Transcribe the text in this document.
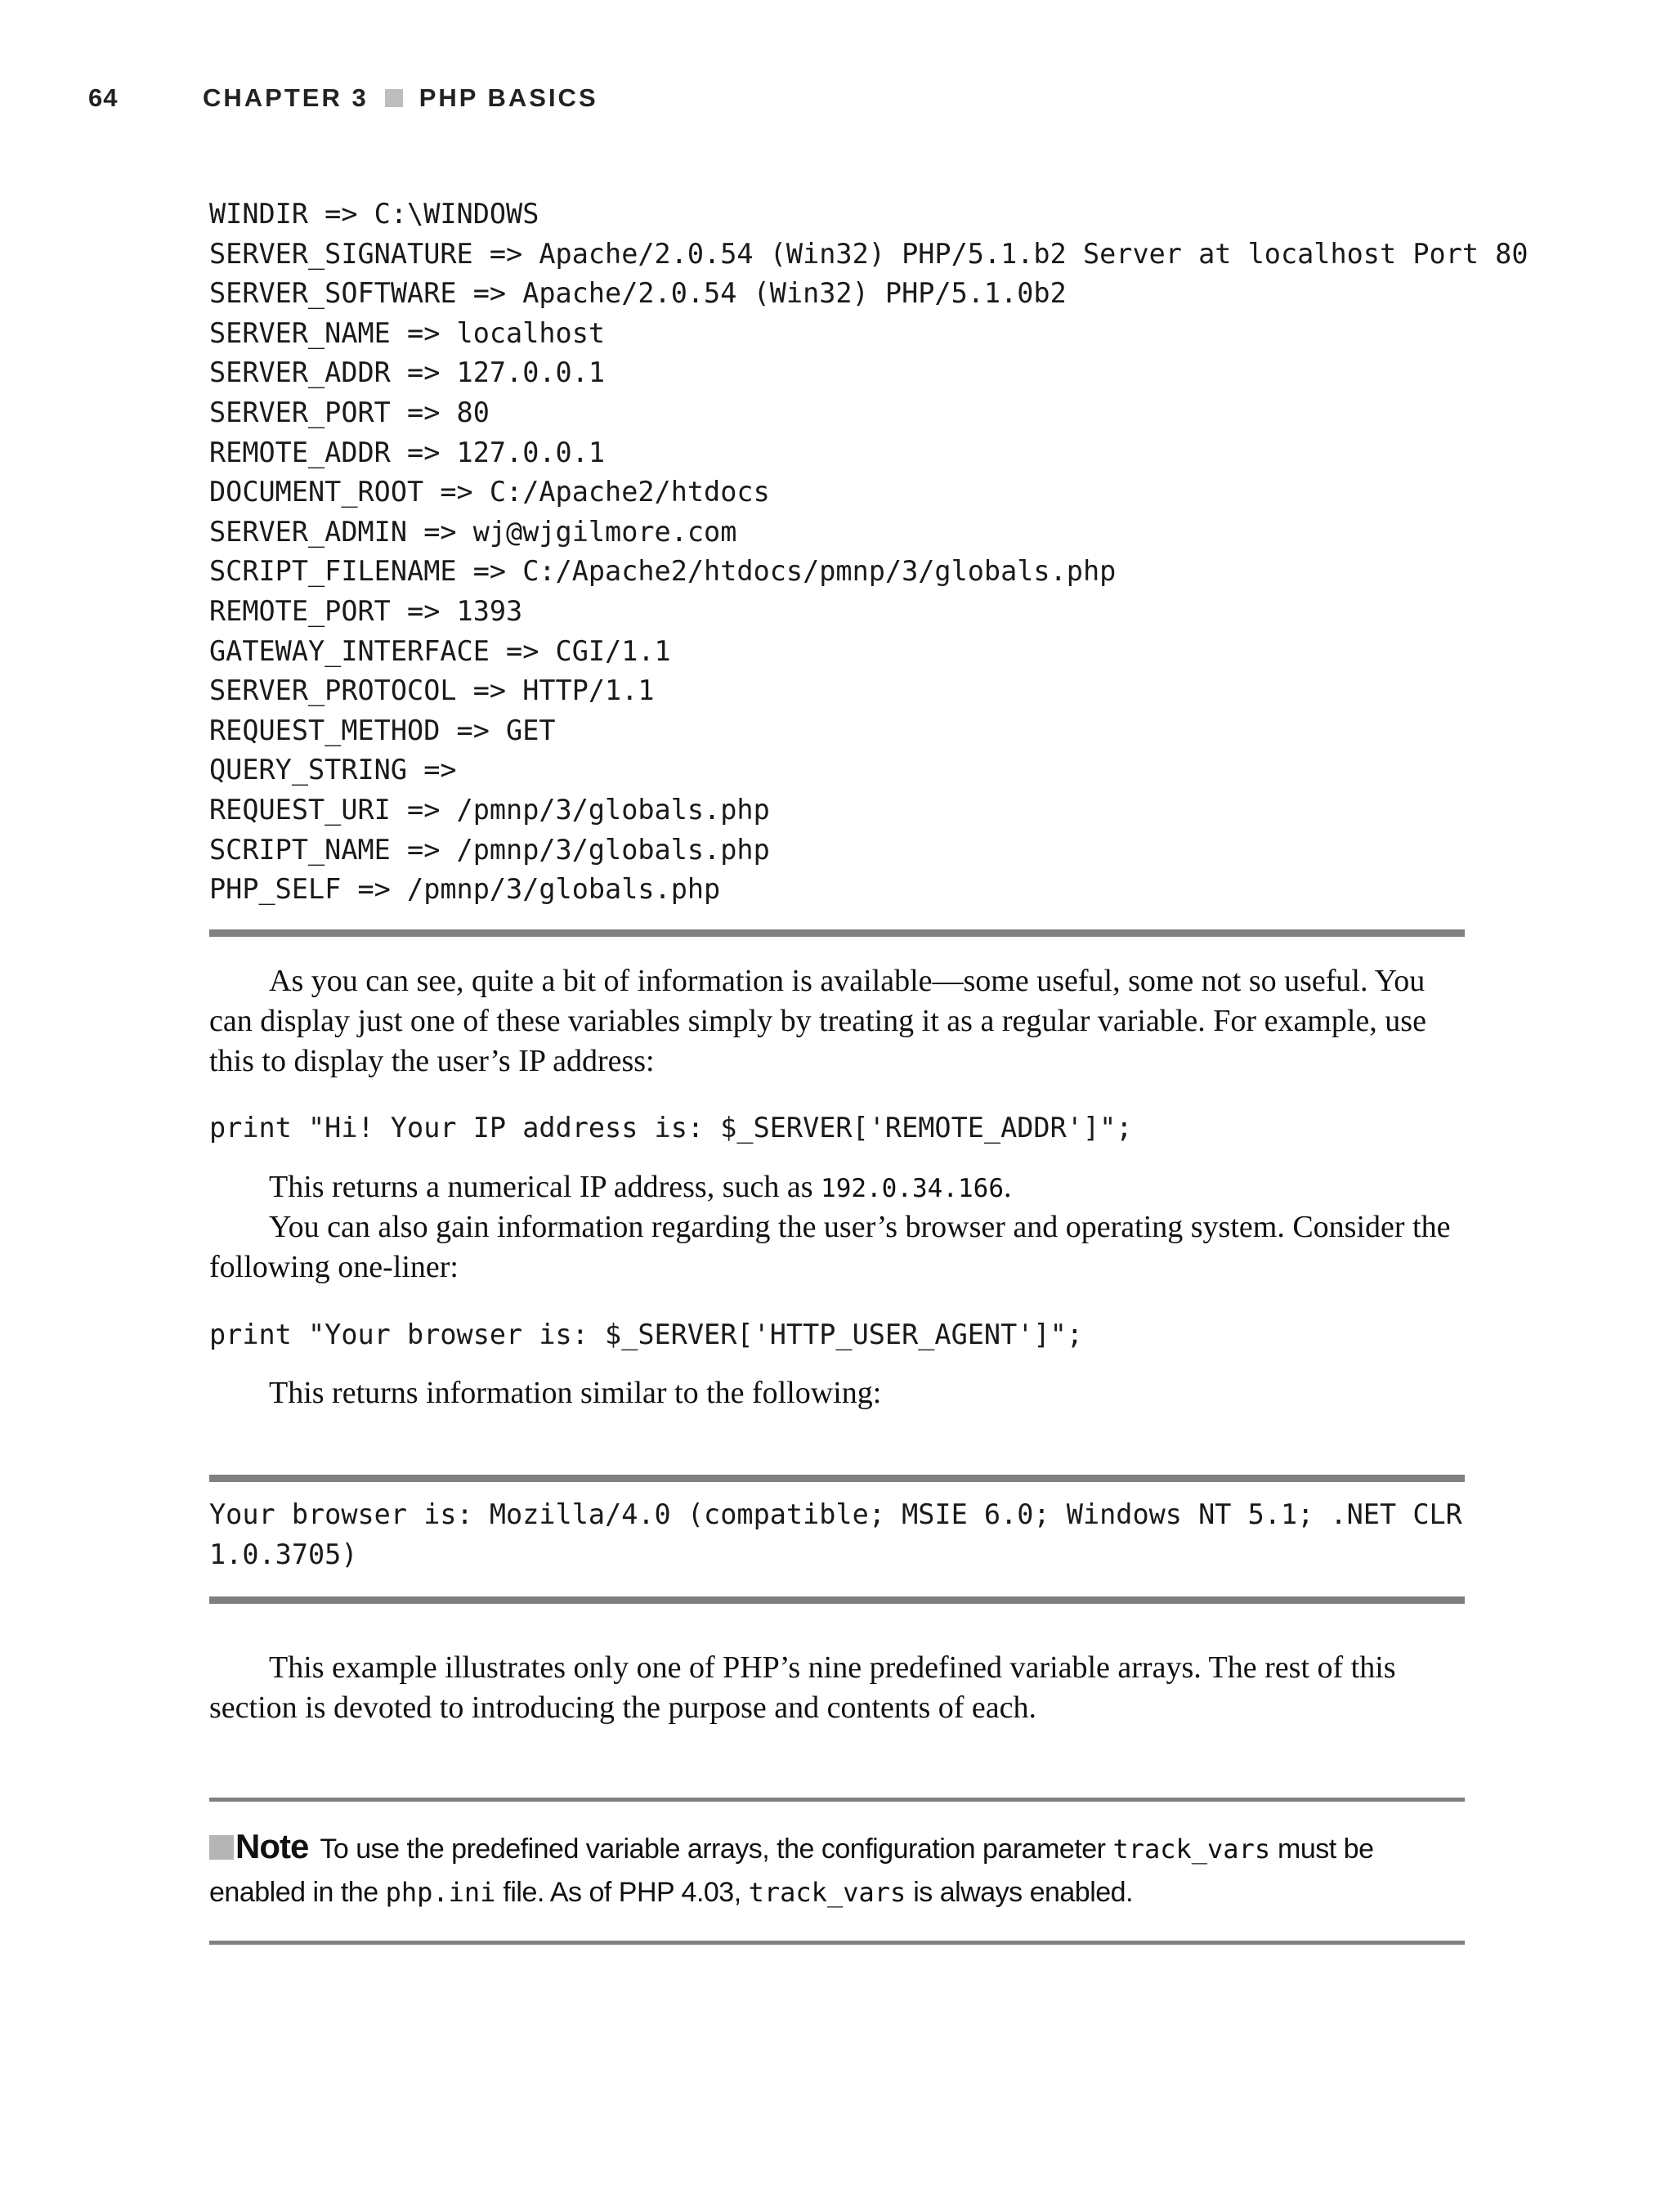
64	CHAPTER 3 PHP BASICS
WINDIR => C:\WINDOWS
SERVER_SIGNATURE => Apache/2.0.54 (Win32) PHP/5.1.b2 Server at localhost Port 80
SERVER_SOFTWARE => Apache/2.0.54 (Win32) PHP/5.1.0b2
SERVER_NAME => localhost
SERVER_ADDR => 127.0.0.1
SERVER_PORT => 80
REMOTE_ADDR => 127.0.0.1
DOCUMENT_ROOT => C:/Apache2/htdocs
SERVER_ADMIN => wj@wjgilmore.com
SCRIPT_FILENAME => C:/Apache2/htdocs/pmnp/3/globals.php
REMOTE_PORT => 1393
GATEWAY_INTERFACE => CGI/1.1
SERVER_PROTOCOL => HTTP/1.1
REQUEST_METHOD => GET
QUERY_STRING =>
REQUEST_URI => /pmnp/3/globals.php
SCRIPT_NAME => /pmnp/3/globals.php
PHP_SELF => /pmnp/3/globals.php

As you can see, quite a bit of information is available—some useful, some not so useful. You can display just one of these variables simply by treating it as a regular variable. For example, use this to display the user’s IP address:

print "Hi! Your IP address is: $_SERVER['REMOTE_ADDR']";

This returns a numerical IP address, such as 192.0.34.166.

You can also gain information regarding the user’s browser and operating system. Consider the following one-liner:

print "Your browser is: $_SERVER['HTTP_USER_AGENT']";

This returns information similar to the following:

Your browser is: Mozilla/4.0 (compatible; MSIE 6.0; Windows NT 5.1; .NET CLR
1.0.3705)

This example illustrates only one of PHP’s nine predefined variable arrays. The rest of this section is devoted to introducing the purpose and contents of each.

Note To use the predefined variable arrays, the configuration parameter track_vars must be enabled in the php.ini file. As of PHP 4.03, track_vars is always enabled.
